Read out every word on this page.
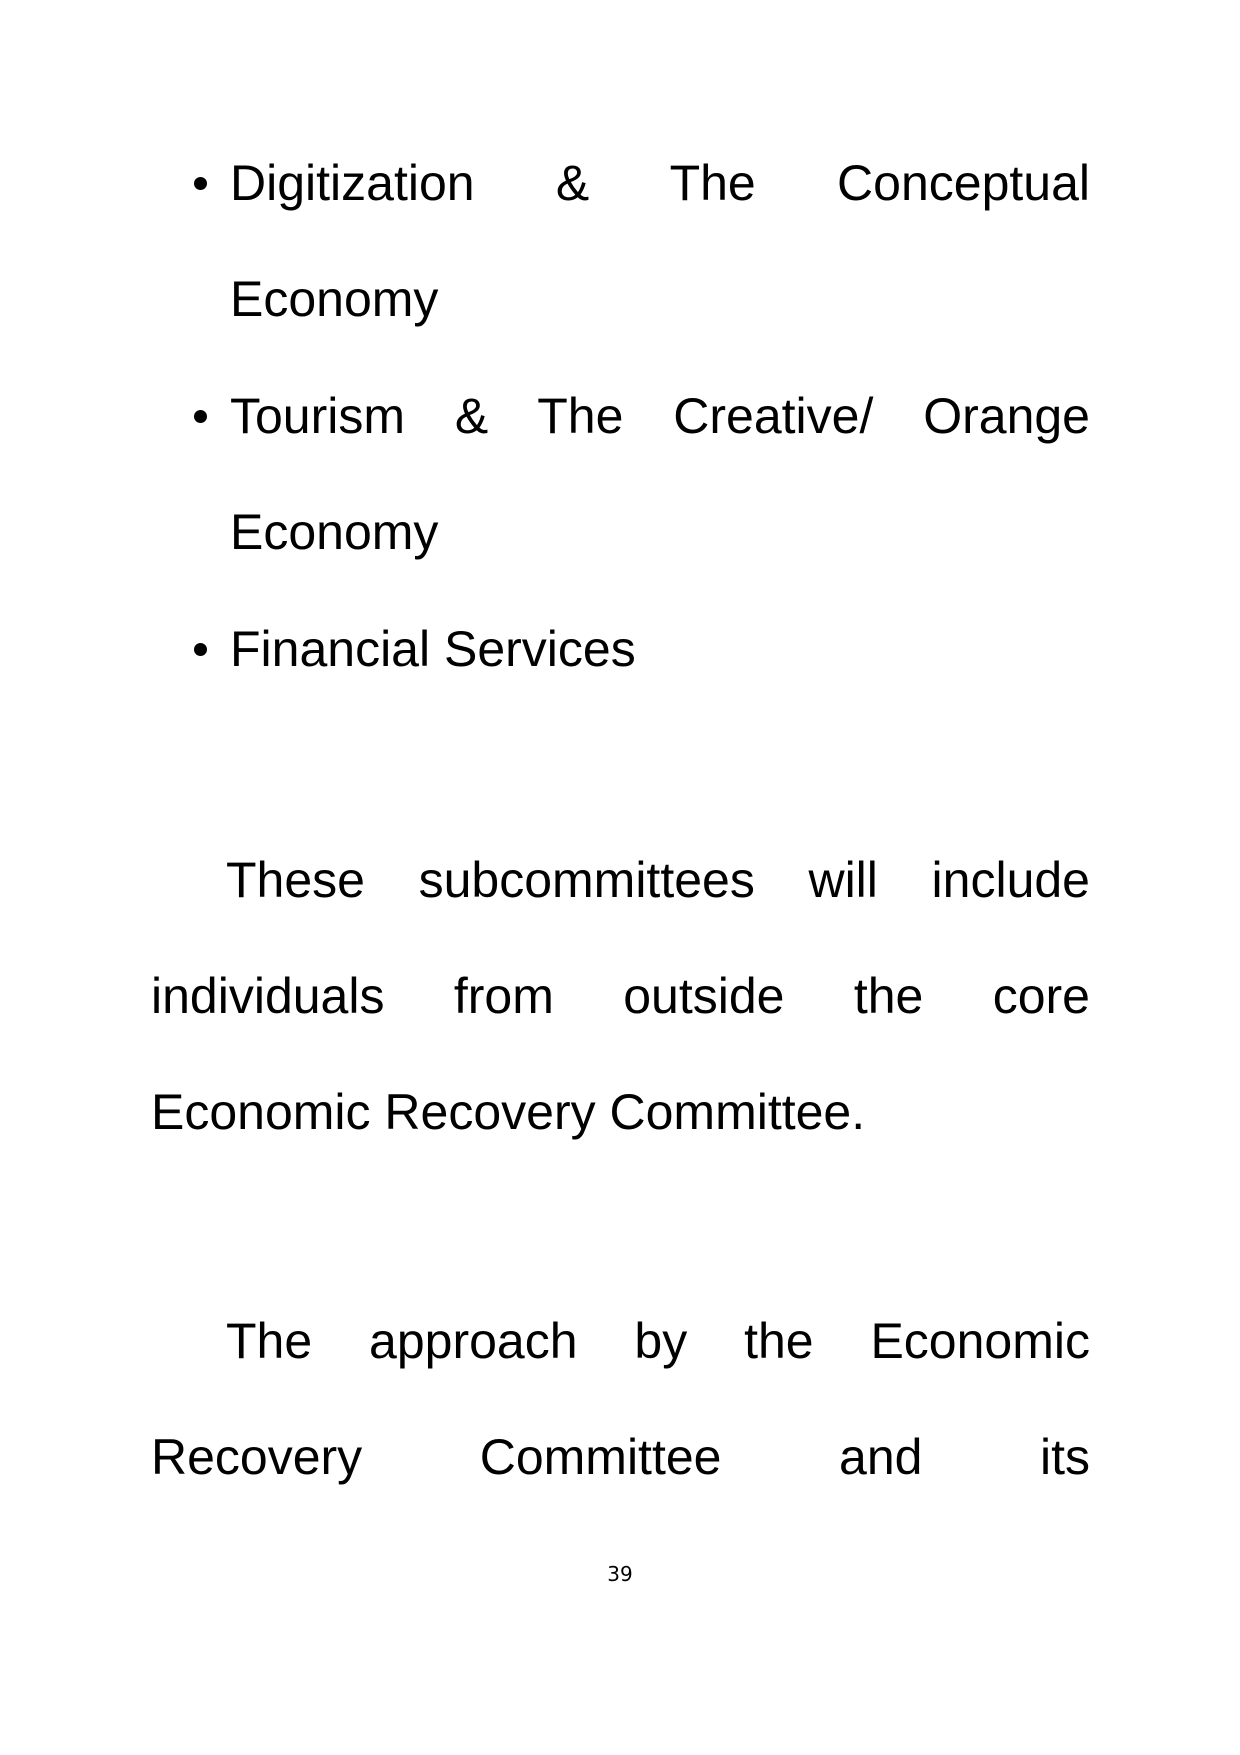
Digitization & The Conceptual Economy
Tourism & The Creative/ Orange Economy
Financial Services

These subcommittees will include individuals from outside the core Economic Recovery Committee.

The approach by the Economic Recovery Committee and its

39
